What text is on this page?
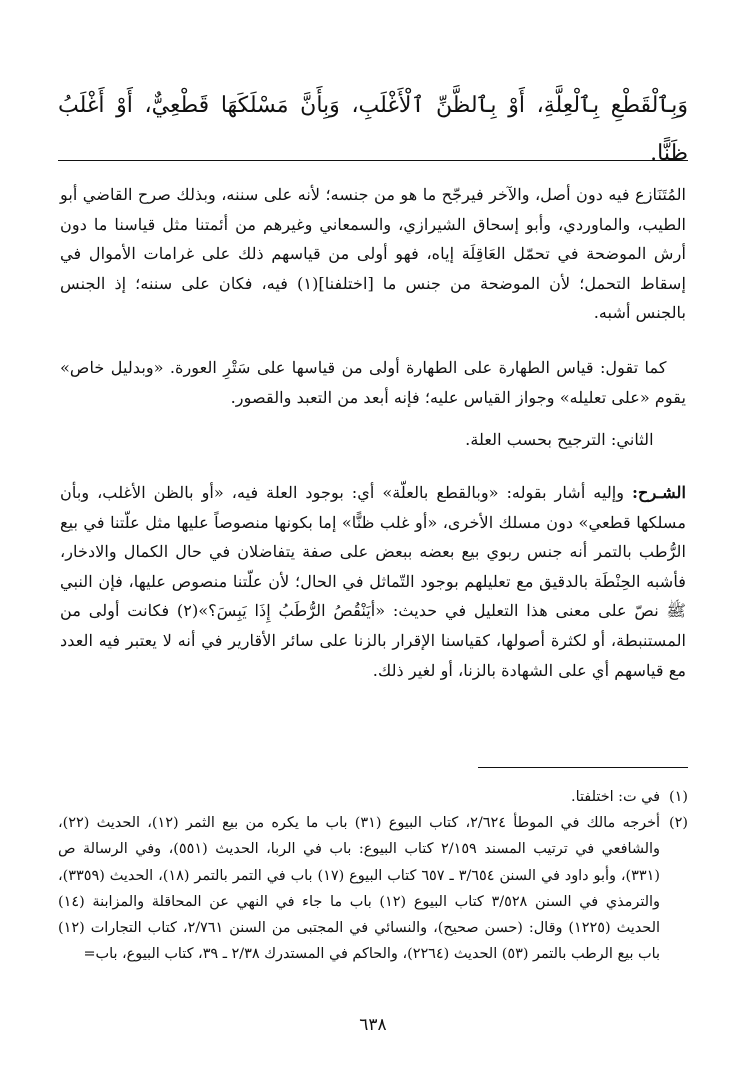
وَبِٱلْقَطْعِ بِٱلْعِلَّةِ، أَوْ بِٱلظَّنِّ ٱلْأَغْلَبِ، وَبِأَنَّ مَسْلَكَهَا قَطْعِيٌّ، أَوْ أَغْلَبُ ظَنًّا.

المُتَنَازع فيه دون أصل، والآخر فيرجّح ما هو من جنسه؛ لأنه على سننه، وبذلك صرح القاضي أبو الطيب، والماوردي، وأبو إسحاق الشيرازي، والسمعاني وغيرهم من أئمتنا مثل قياسنا ما دون أرش الموضحة في تحمّل العَاقِلَة إياه، فهو أولى من قياسهم ذلك على غرامات الأموال في إسقاط التحمل؛ لأن الموضحة من جنس ما [اختلفنا](١) فيه، فكان على سننه؛ إذ الجنس بالجنس أشبه.

كما تقول: قياس الطهارة على الطهارة أولى من قياسها على سَتْرِ العورة. «وبدليل خاص» يقوم «على تعليله» وجواز القياس عليه؛ فإنه أبعد من التعبد والقصور.

الثاني: الترجيح بحسب العلة.

الشـرح: وإليه أشار بقوله: «وبالقطع بالعلّة» أي: بوجود العلة فيه، «أو بالظن الأغلب، وبأن مسلكها قطعي» دون مسلك الأخرى، «أو غلب ظنًّا» إما بكونها منصوصاً عليها مثل علّتنا في بيع الرُّطب بالتمر أنه جنس ربوي بيع بعضه ببعض على صفة يتفاضلان في حال الكمال والادخار، فأشبه الحِنْطَة بالدقيق مع تعليلهم بوجود التّماثل في الحال؛ لأن علّتنا منصوص عليها، فإن النبي ﷺ نصّ على معنى هذا التعليل في حديث: «أيَنْقُصُ الرُّطَبُ إِذَا يَبِسَ؟»(٢) فكانت أولى من المستنبطة، أو لكثرة أصولها، كقياسنا الإقرار بالزنا على سائر الأقارير في أنه لا يعتبر فيه العدد مع قياسهم أي على الشهادة بالزنا، أو لغير ذلك.

(١)
في ت: اختلفتا.
(٢)
أخرجه مالك في الموطأ ٢/٦٢٤، كتاب البيوع (٣١) باب ما يكره من بيع الثمر (١٢)، الحديث (٢٢)، والشافعي في ترتيب المسند ٢/١٥٩ كتاب البيوع: باب في الربا، الحديث (٥٥١)، وفي الرسالة ص (٣٣١)، وأبو داود في السنن ٣/٦٥٤ ـ ٦٥٧ كتاب البيوع (١٧) باب في التمر بالتمر (١٨)، الحديث (٣٣٥٩)، والترمذي في السنن ٣/٥٢٨ كتاب البيوع (١٢) باب ما جاء في النهي عن المحاقلة والمزابنة (١٤) الحديث (١٢٢٥) وقال: (حسن صحيح)، والنسائي في المجتبى من السنن ٢/٧٦١، كتاب التجارات (١٢) باب بيع الرطب بالتمر (٥٣) الحديث (٢٢٦٤)، والحاكم في المستدرك ٢/٣٨ ـ ٣٩، كتاب البيوع، باب=
٦٣٨
